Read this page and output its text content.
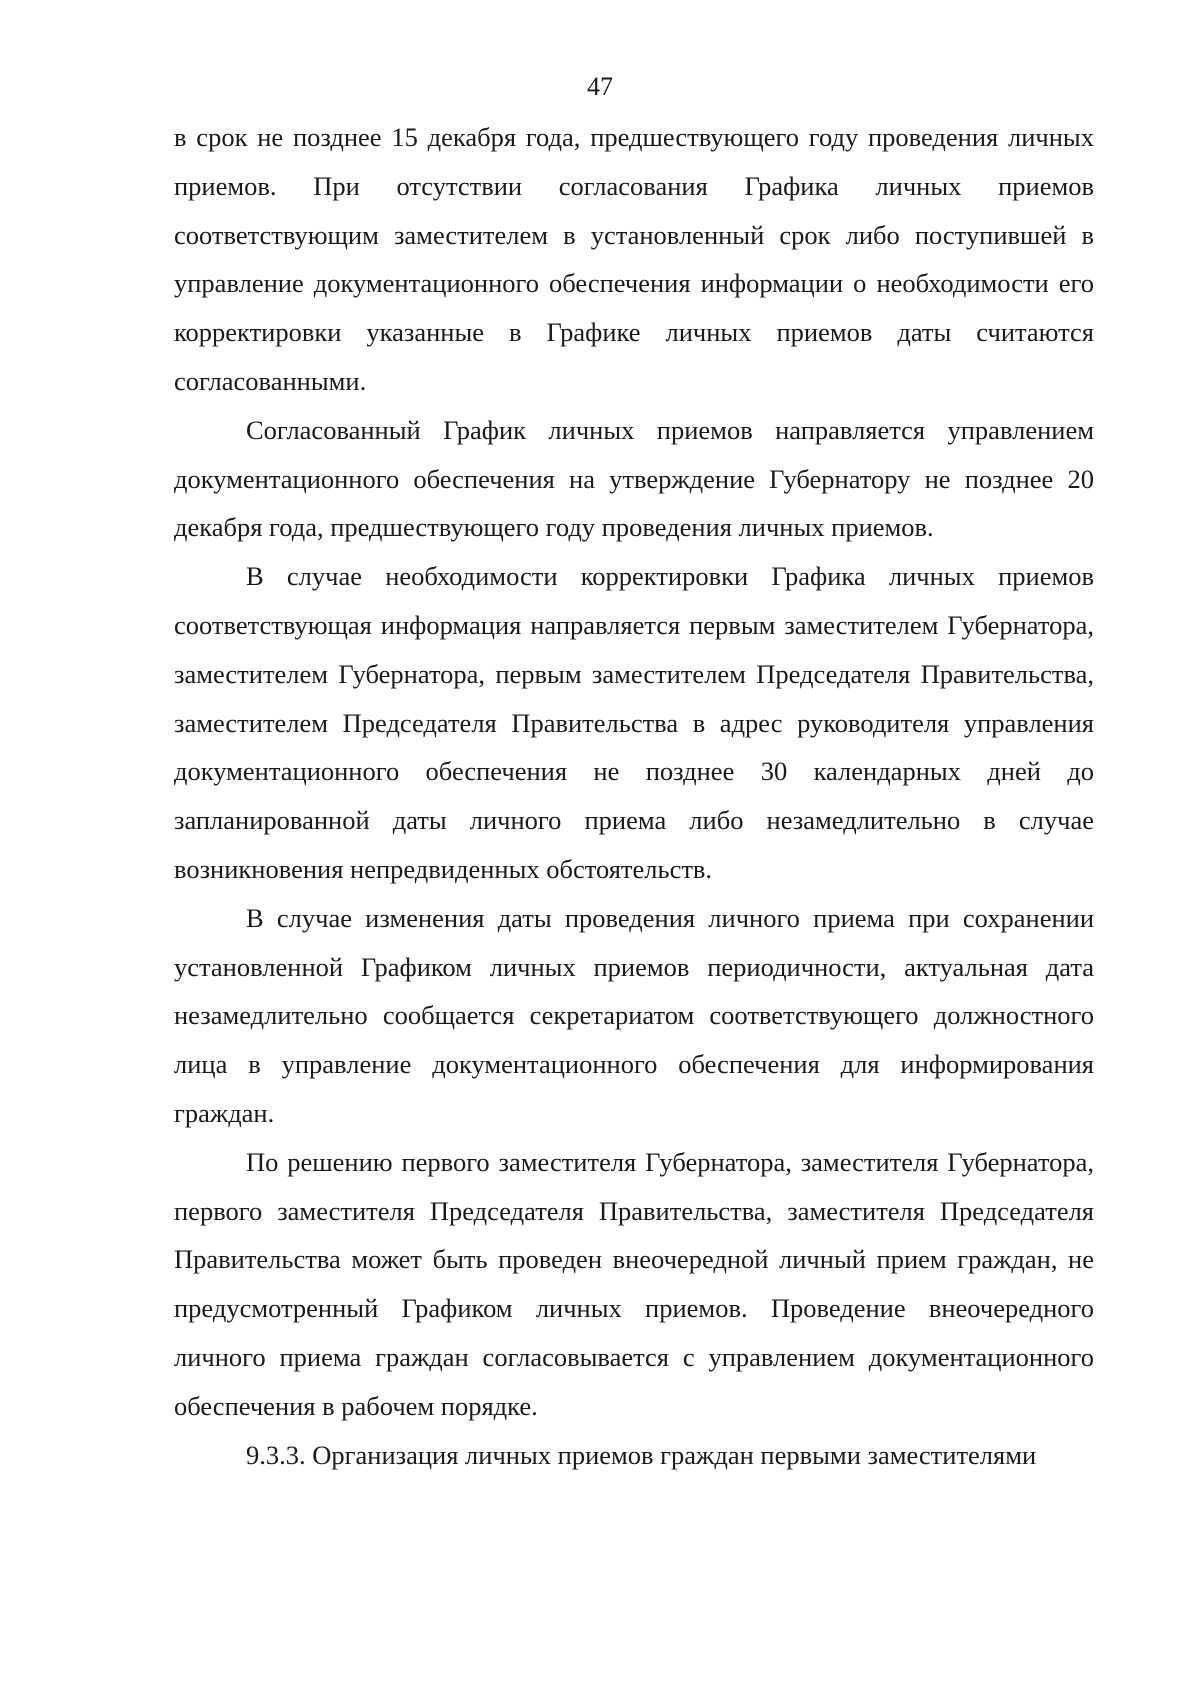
47

в срок не позднее 15 декабря года, предшествующего году проведения личных приемов. При отсутствии согласования Графика личных приемов соответствующим заместителем в установленный срок либо поступившей в управление документационного обеспечения информации о необходимости его корректировки указанные в Графике личных приемов даты считаются согласованными.

Согласованный График личных приемов направляется управлением документационного обеспечения на утверждение Губернатору не позднее 20 декабря года, предшествующего году проведения личных приемов.

В случае необходимости корректировки Графика личных приемов соответствующая информация направляется первым заместителем Губернатора, заместителем Губернатора, первым заместителем Председателя Правительства, заместителем Председателя Правительства в адрес руководителя управления документационного обеспечения не позднее 30 календарных дней до запланированной даты личного приема либо незамедлительно в случае возникновения непредвиденных обстоятельств.

В случае изменения даты проведения личного приема при сохранении установленной Графиком личных приемов периодичности, актуальная дата незамедлительно сообщается секретариатом соответствующего должностного лица в управление документационного обеспечения для информирования граждан.

По решению первого заместителя Губернатора, заместителя Губернатора, первого заместителя Председателя Правительства, заместителя Председателя Правительства может быть проведен внеочередной личный прием граждан, не предусмотренный Графиком личных приемов. Проведение внеочередного личного приема граждан согласовывается с управлением документационного обеспечения в рабочем порядке.

9.3.3. Организация личных приемов граждан первыми заместителями
